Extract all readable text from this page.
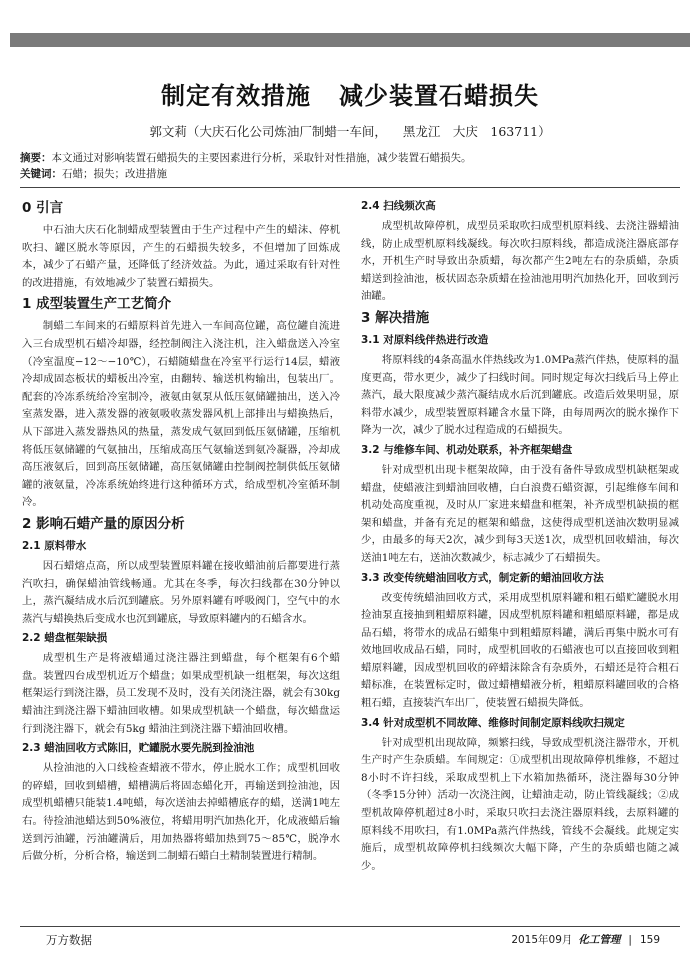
制定有效措施 减少装置石蜡损失
郭文莉（大庆石化公司炼油厂制蜡一车间， 黑龙江　大庆　163711）
摘要：本文通过对影响装置石蜡损失的主要因素进行分析，采取针对性措施，减少装置石蜡损失。
关键词：石蜡；损失；改进措施
0 引言

中石油大庆石化制蜡成型装置由于生产过程中产生的蜡沫、停机吹扫、罐区脱水等原因，产生的石蜡损失较多，不但增加了回炼成本，减少了石蜡产量，还降低了经济效益。为此，通过采取有针对性的改进措施，有效地减少了装置石蜡损失。

1 成型装置生产工艺简介

制蜡二车间来的石蜡原料首先进入一车间高位罐，高位罐自流进入三台成型机石蜡冷却器，经控制阀注入浇注机，注入蜡盘送入冷室（冷室温度−12～−10℃），石蜡随蜡盘在冷室平行运行14层，蜡液冷却成固态板状的蜡板出冷室，由翻转、输送机构输出，包装出厂。配套的冷冻系统给冷室制冷，液氨由氨泵从低压氨储罐抽出，送入冷室蒸发器，进入蒸发器的液氨吸收蒸发器风机上部排出与蜡换热后，从下部进入蒸发器热风的热量，蒸发成气氨回到低压氨储罐，压缩机将低压氨储罐的气氨抽出，压缩成高压气氨输送到氨冷凝器，冷却成高压液氨后，回到高压氨储罐，高压氨储罐由控制阀控制供低压氨储罐的液氨量，冷冻系统始终进行这种循环方式，给成型机冷室循环制冷。

2 影响石蜡产量的原因分析
2.1 原料带水

因石蜡熔点高，所以成型装置原料罐在接收蜡油前后都要进行蒸汽吹扫，确保蜡油管线畅通。尤其在冬季，每次扫线都在30分钟以上，蒸汽凝结成水后沉到罐底。另外原料罐有呼吸阀门，空气中的水蒸汽与蜡换热后变成水也沉到罐底，导致原料罐内的石蜡含水。

2.2 蜡盘框架缺损

成型机生产是将液蜡通过浇注器注到蜡盘，每个框架有6个蜡盘。装置四台成型机近万个蜡盘；如果成型机缺一组框架，每次这组框架运行到浇注器，员工发现不及时，没有关闭浇注器，就会有30kg蜡油注到浇注器下蜡油回收槽。如果成型机缺一个蜡盘，每次蜡盘运行到浇注器下，就会有5kg 蜡油注到浇注器下蜡油回收槽。

2.3 蜡油回收方式陈旧，贮罐脱水要先脱到捡油池

从捡油池的入口线检查蜡液不带水，停止脱水工作；成型机回收的碎蜡，回收到蜡槽，蜡槽满后将固态蜡化开，再输送到捡油池，因成型机蜡槽只能装1.4吨蜡，每次送油去掉蜡槽底存的蜡，送满1吨左右。待捡油池蜡达到50%液位，将蜡用明汽加热化开，化成液蜡后输送到污油罐，污油罐满后，用加热器将蜡加热到75～85℃，脱净水后做分析，分析合格，输送到二制蜡石蜡白土精制装置进行精制。

2.4 扫线频次高

成型机故障停机，成型员采取吹扫成型机原料线、去浇注器蜡油线，防止成型机原料线凝线。每次吹扫原料线，都造成浇注器底部存水，开机生产时导致出杂质蜡，每次都产生2吨左右的杂质蜡，杂质蜡送到捡油池，板状固态杂质蜡在捡油池用明汽加热化开，回收到污油罐。

3 解决措施
3.1 对原料线伴热进行改造

将原料线的4条高温水伴热线改为1.0MPa蒸汽伴热，使原料的温度更高，带水更少，减少了扫线时间。同时规定每次扫线后马上停止蒸汽，最大限度减少蒸汽凝结成水后沉到罐底。改造后效果明显，原料带水减少，成型装置原料罐含水量下降，由每周两次的脱水操作下降为一次，减少了脱水过程造成的石蜡损失。

3.2 与维修车间、机动处联系，补齐框架蜡盘

针对成型机出现卡框架故障，由于没有备件导致成型机缺框架或蜡盘，使蜡液注到蜡油回收槽，白白浪费石蜡资源，引起维修车间和机动处高度重视，及时从厂家进来蜡盘和框架，补齐成型机缺损的框架和蜡盘，并备有充足的框架和蜡盘，这使得成型机送油次数明显减少，由最多的每天2次，减少到每3天送1次，成型机回收蜡油，每次送油1吨左右，送油次数减少，标志减少了石蜡损失。

3.3 改变传统蜡油回收方式，制定新的蜡油回收方法

改变传统蜡油回收方式，采用成型机原料罐和粗石蜡贮罐脱水用捡油泵直接抽到粗蜡原料罐，因成型机原料罐和粗蜡原料罐，都是成品石蜡，将带水的成品石蜡集中到粗蜡原料罐，满后再集中脱水可有效地回收成品石蜡，同时，成型机回收的石蜡液也可以直接回收到粗蜡原料罐，因成型机回收的碎蜡沫除含有杂质外，石蜡还是符合粗石蜡标准，在装置标定时，做过蜡槽蜡液分析，粗蜡原料罐回收的合格粗石蜡，直接装汽车出厂，使装置石蜡损失降低。

3.4 针对成型机不同故障、维修时间制定原料线吹扫规定

针对成型机出现故障，频繁扫线，导致成型机浇注器带水，开机生产时产生杂质蜡。车间规定：①成型机出现故障停机维修，不超过8小时不许扫线，采取成型机上下水箱加热循环，浇注器每30分钟（冬季15分钟）活动一次浇注阀，让蜡油走动，防止管线凝线；②成型机故障停机超过8小时，采取只吹扫去浇注器原料线，去原料罐的原料线不用吹扫，有1.0MPa蒸汽伴热线，管线不会凝线。此规定实施后，成型机故障停机扫线频次大幅下降，产生的杂质蜡也随之减少。

万方数据	2015年09月 化工管理 | 159
